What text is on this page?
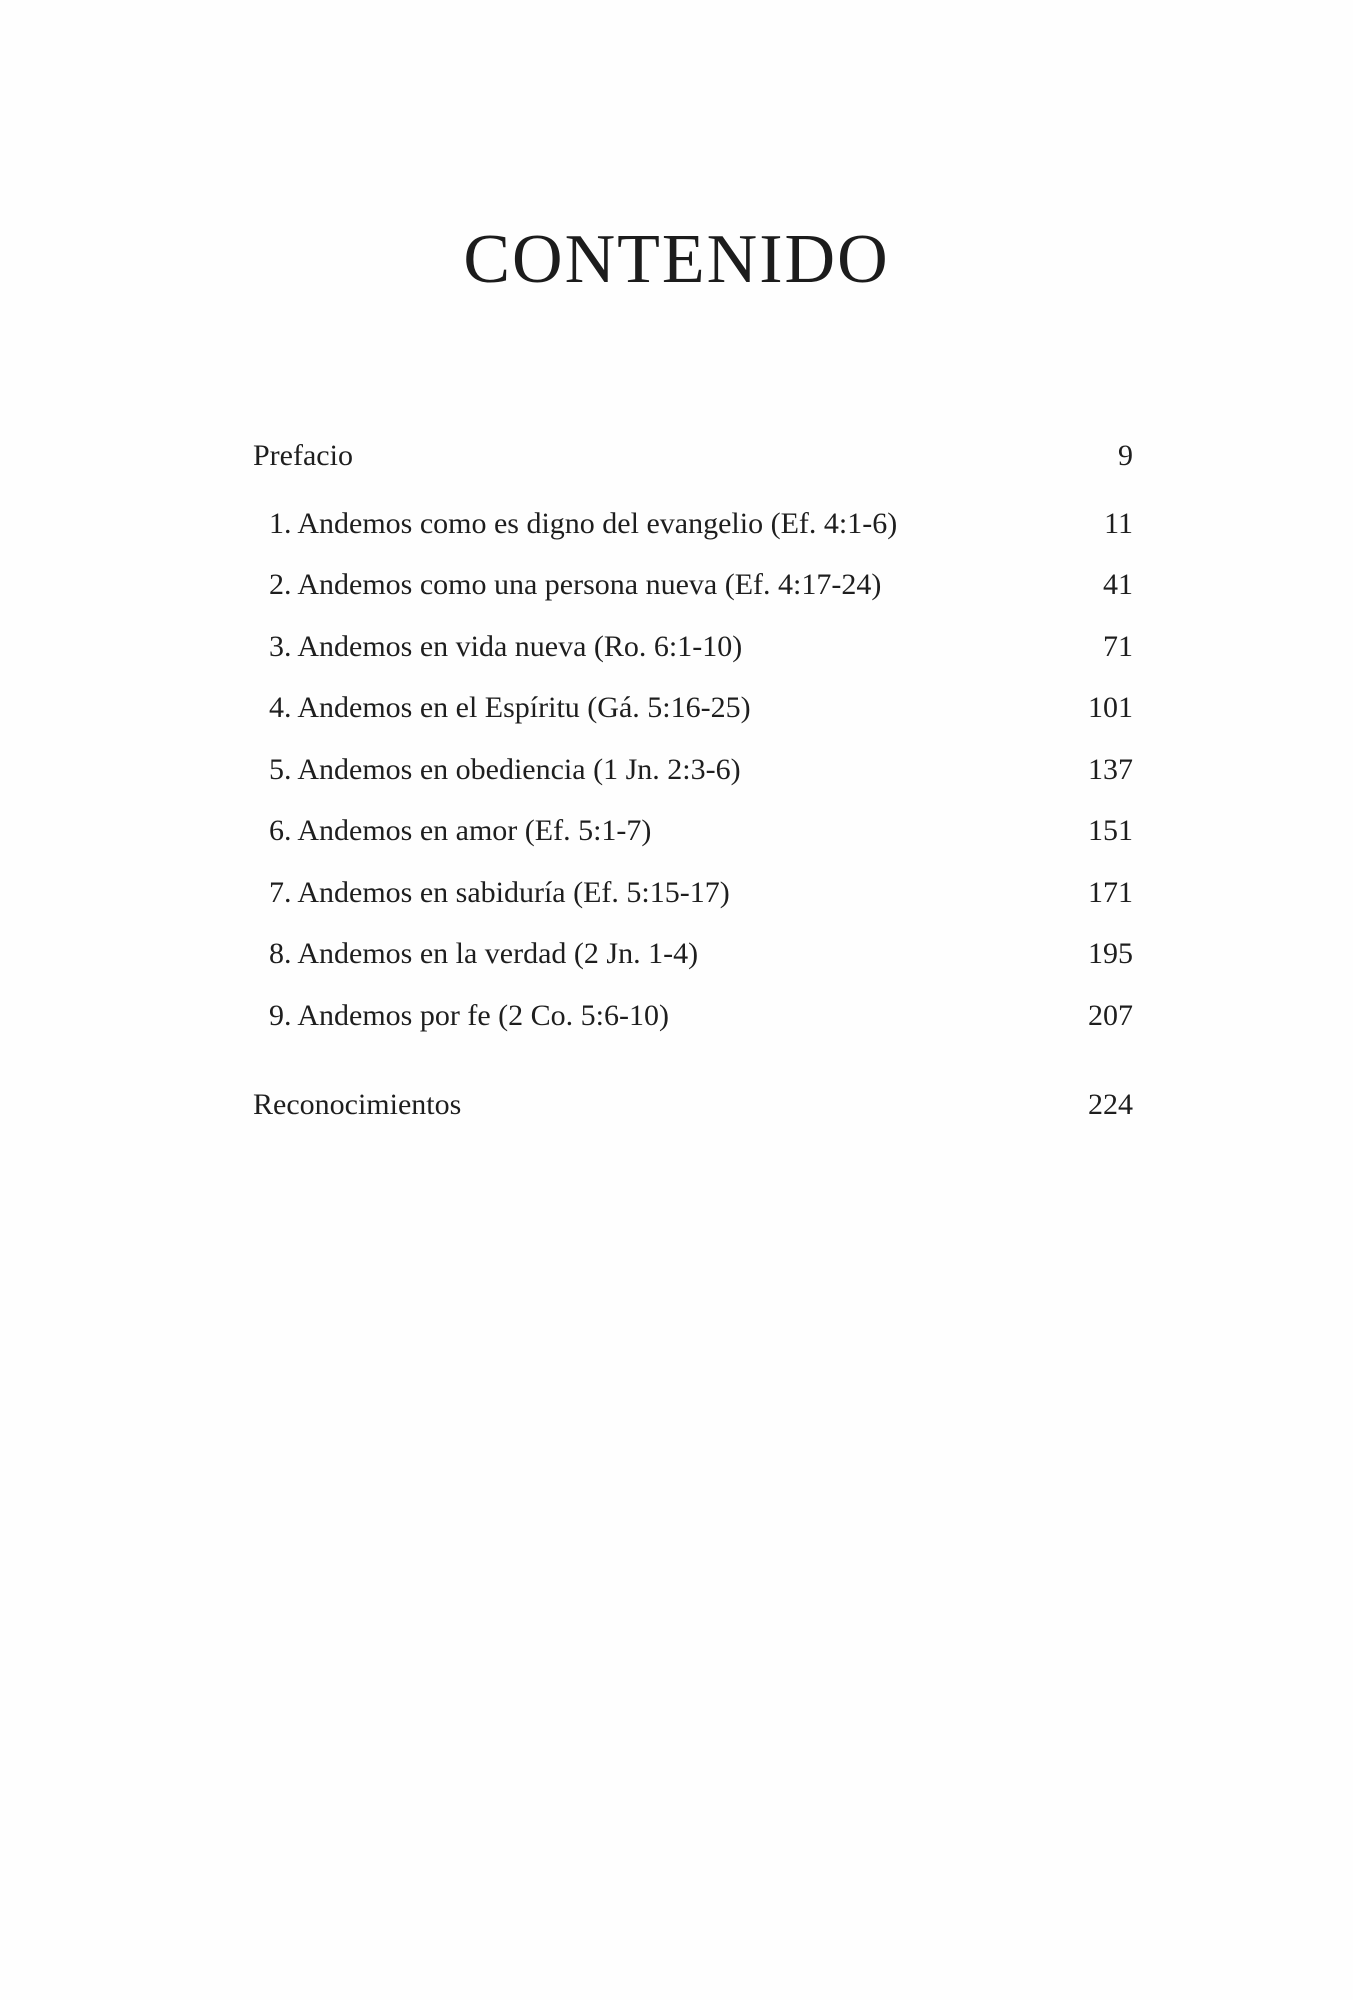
CONTENIDO
Prefacio	9
1. Andemos como es digno del evangelio (Ef. 4:1-6)	11
2. Andemos como una persona nueva (Ef. 4:17-24)	41
3. Andemos en vida nueva (Ro. 6:1-10)	71
4. Andemos en el Espíritu (Gá. 5:16-25)	101
5. Andemos en obediencia (1 Jn. 2:3-6)	137
6. Andemos en amor (Ef. 5:1-7)	151
7. Andemos en sabiduría (Ef. 5:15-17)	171
8. Andemos en la verdad (2 Jn. 1-4)	195
9. Andemos por fe (2 Co. 5:6-10)	207
Reconocimientos	224
